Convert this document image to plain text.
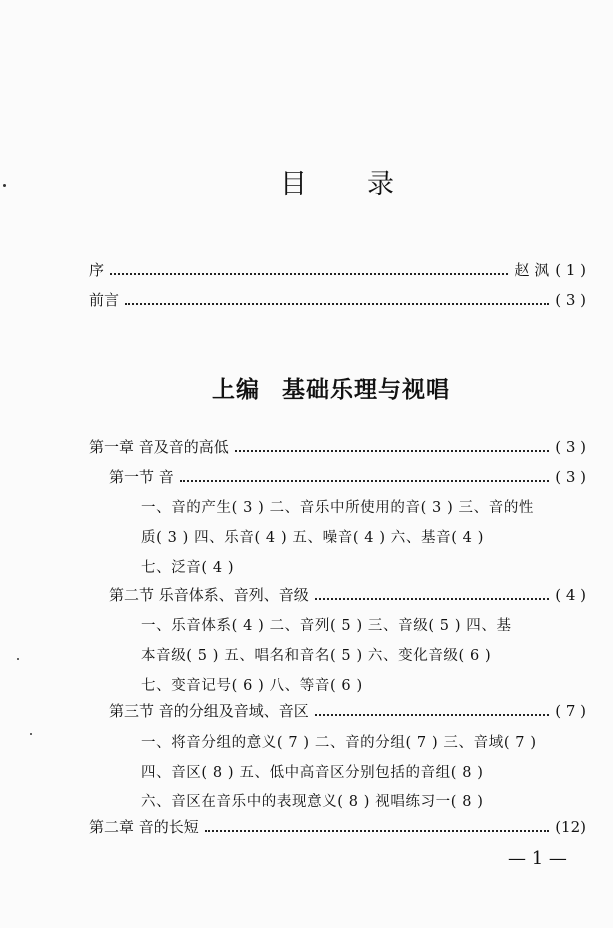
目 录
序	赵 沨 ( 1 )
前言	( 3 )
上编 基础乐理与视唱
第一章 音及音的高低	( 3 )
第一节 音	( 3 )
一、音的产生( 3 ) 二、音乐中所使用的音( 3 ) 三、音的性
质( 3 ) 四、乐音( 4 ) 五、噪音( 4 ) 六、基音( 4 )
七、泛音( 4 )
第二节 乐音体系、音列、音级	( 4 )
一、乐音体系( 4 ) 二、音列( 5 ) 三、音级( 5 ) 四、基
本音级( 5 ) 五、唱名和音名( 5 ) 六、变化音级( 6 )
七、变音记号( 6 ) 八、等音( 6 )
第三节 音的分组及音域、音区	( 7 )
一、将音分组的意义( 7 ) 二、音的分组( 7 ) 三、音域( 7 )
四、音区( 8 ) 五、低中高音区分别包括的音组( 8 )
六、音区在音乐中的表现意义( 8 ) 视唱练习一( 8 )
第二章 音的长短	(12)
— 1 —
